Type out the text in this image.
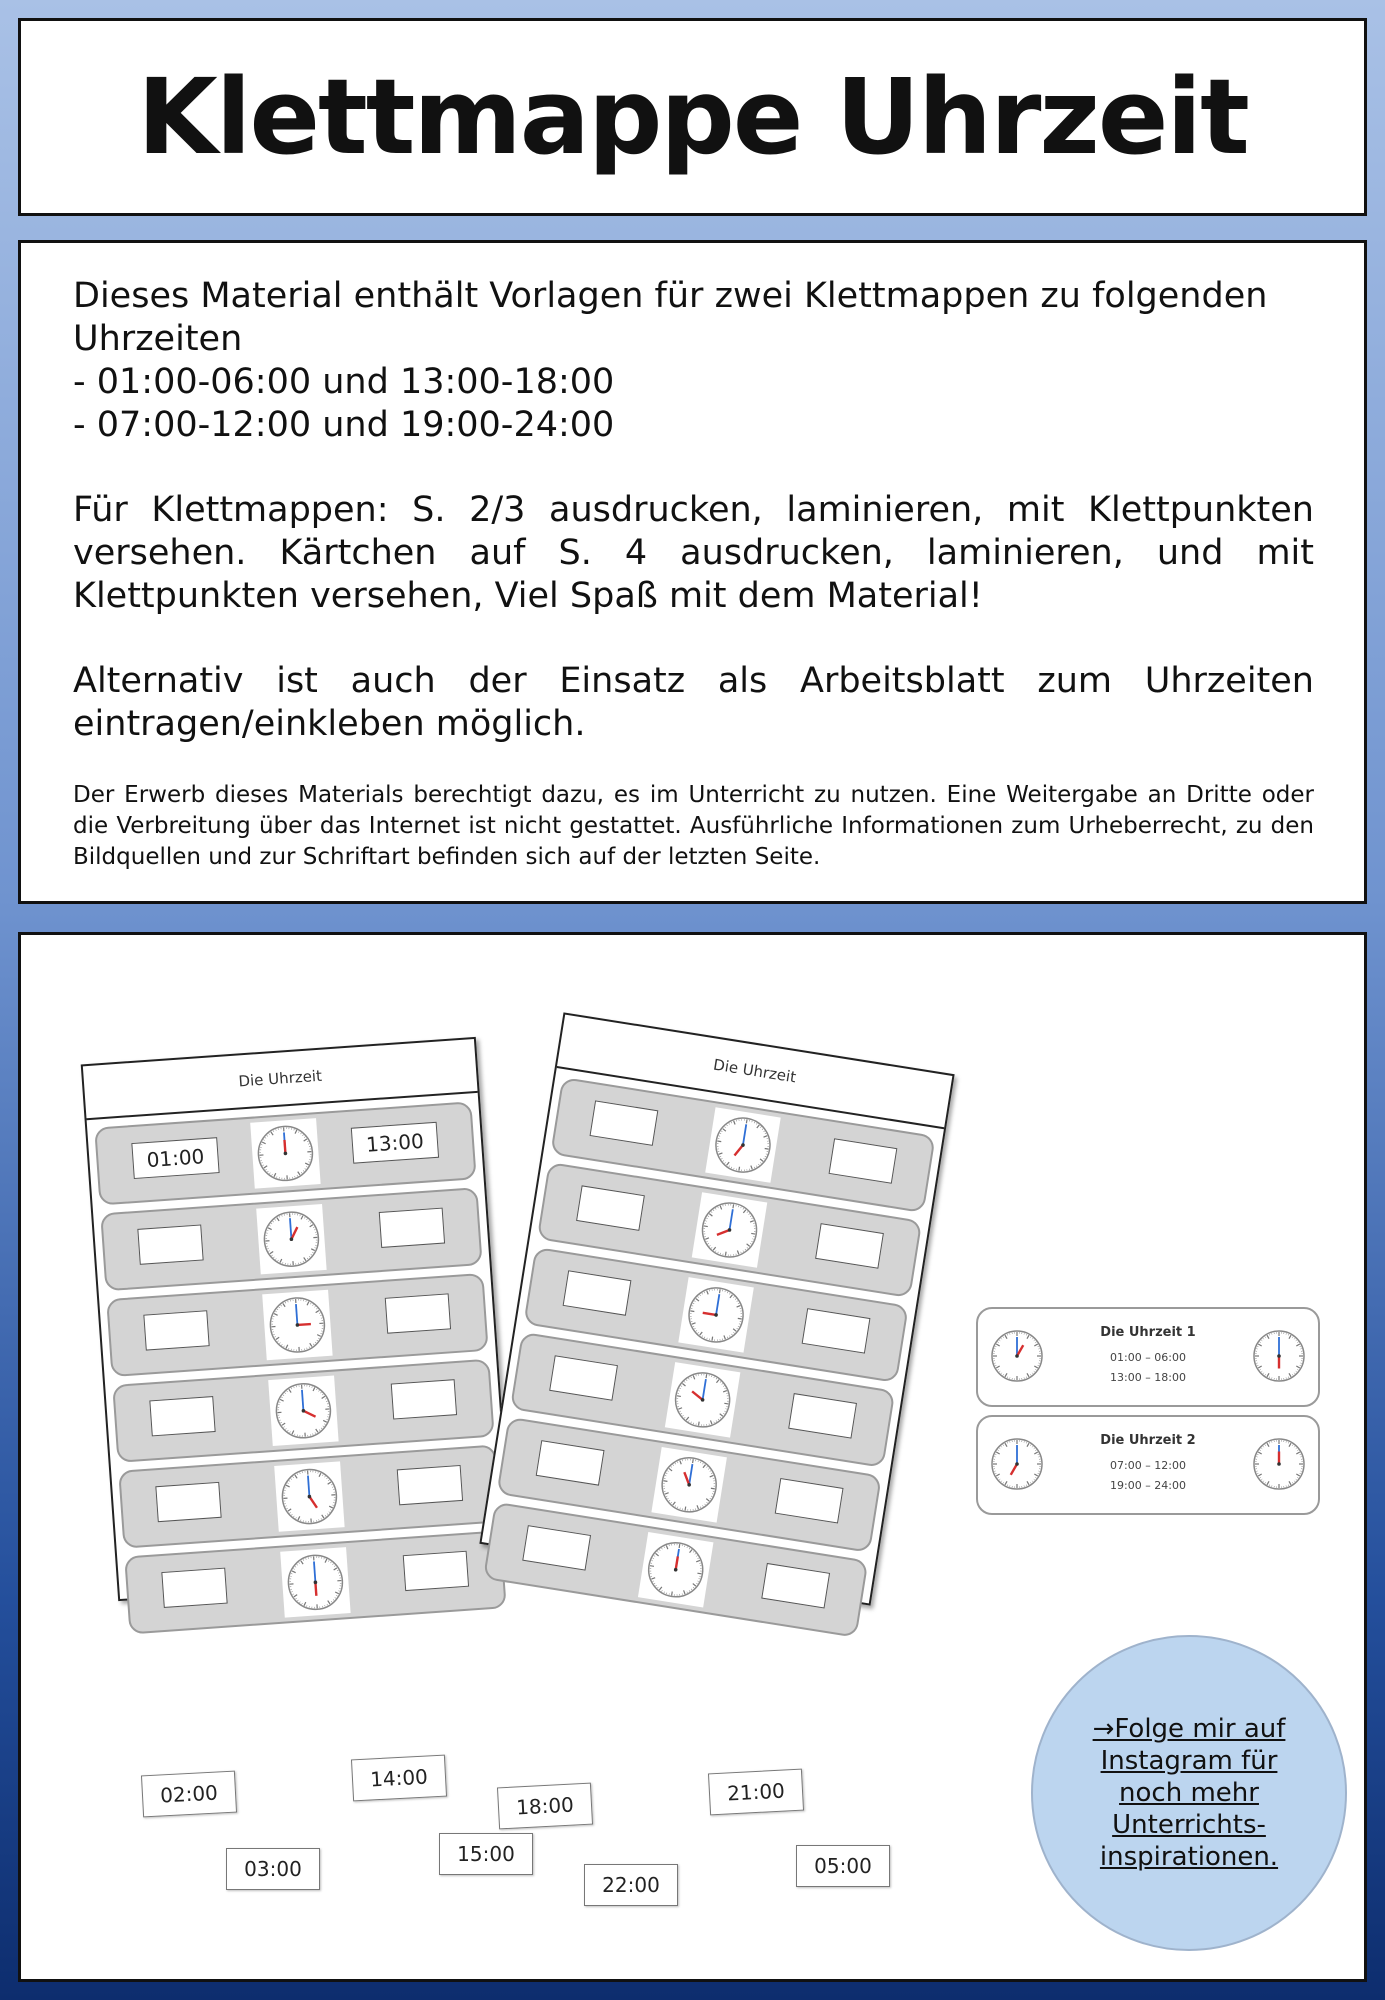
Klettmappe Uhrzeit

Dieses Material enthält Vorlagen für zwei Klettmappen zu folgenden
Uhrzeiten

- 01:00-06:00 und 13:00-18:00
- 07:00-12:00 und 19:00-24:00

Für Klettmappen: S. 2/3 ausdrucken, laminieren, mit Klettpunkten versehen. Kärtchen auf S. 4 ausdrucken, laminieren, und mit Klettpunkten versehen, Viel Spaß mit dem Material!

Alternativ ist auch der Einsatz als Arbeitsblatt zum Uhrzeiten eintragen/einkleben möglich.

Der Erwerb dieses Materials berechtigt dazu, es im Unterricht zu nutzen. Eine Weitergabe an Dritte oder die Verbreitung über das Internet ist nicht gestattet. Ausführliche Informationen zum Urheberrecht, zu den Bildquellen und zur Schriftart befinden sich auf der letzten Seite.
Die Uhrzeit
01:00
13:00
Die Uhrzeit
Die Uhrzeit 1
01:00 – 06:00
13:00 – 18:00
Die Uhrzeit 2
07:00 – 12:00
19:00 – 24:00
02:00
14:00
18:00
21:00
03:00
15:00
22:00
05:00
→Folge mir auf Instagram für noch mehr Unterrichts-inspirationen.
